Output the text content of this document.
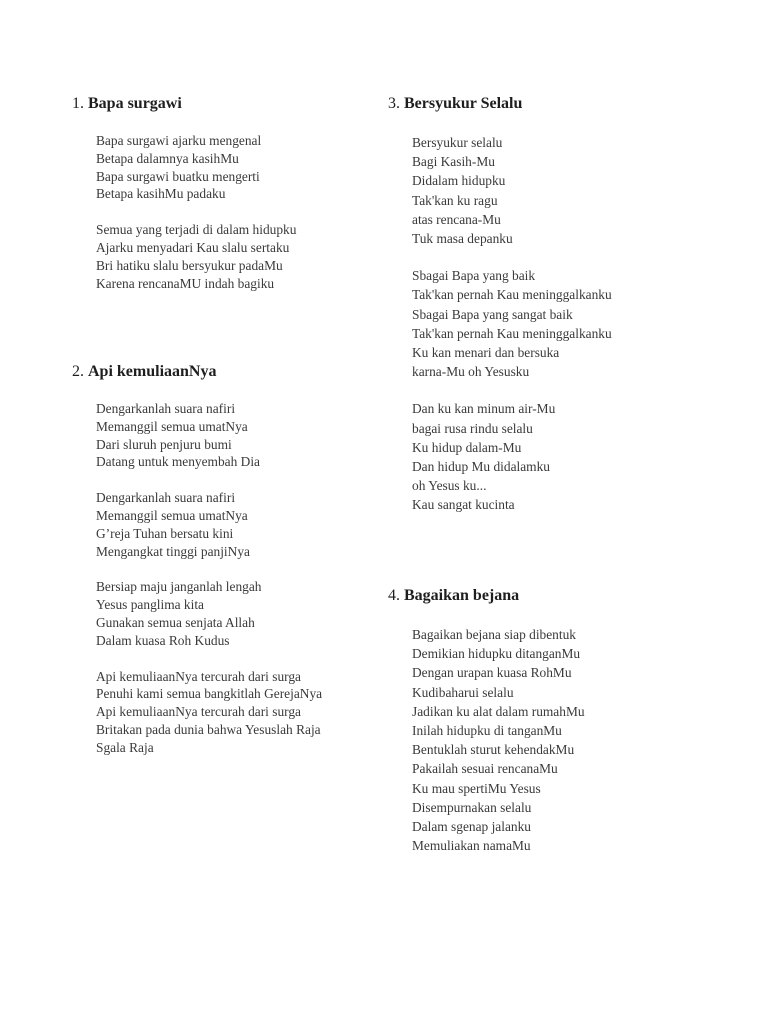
1. Bapa surgawi
Bapa surgawi ajarku mengenal
Betapa dalamnya kasihMu
Bapa surgawi buatku mengerti
Betapa kasihMu padaku
Semua yang terjadi di dalam hidupku
Ajarku menyadari Kau slalu sertaku
Bri hatiku slalu bersyukur padaMu
Karena rencanaMU indah bagiku
2. Api kemuliaanNya
Dengarkanlah suara nafiri
Memanggil semua umatNya
Dari sluruh penjuru bumi
Datang untuk menyembah Dia
Dengarkanlah suara nafiri
Memanggil semua umatNya
G’reja Tuhan bersatu kini
Mengangkat tinggi panjiNya
Bersiap maju janganlah lengah
Yesus panglima kita
Gunakan semua senjata Allah
Dalam kuasa Roh Kudus
Api kemuliaanNya tercurah dari surga
Penuhi kami semua bangkitlah GerejaNya
Api kemuliaanNya tercurah dari surga
Britakan pada dunia bahwa Yesuslah Raja
Sgala Raja
3. Bersyukur Selalu
Bersyukur selalu
Bagi Kasih-Mu
Didalam hidupku
Tak'kan ku ragu
atas rencana-Mu
Tuk masa depanku
Sbagai Bapa yang baik
Tak'kan pernah Kau meninggalkanku
Sbagai Bapa yang sangat baik
Tak'kan pernah Kau meninggalkanku
Ku kan menari dan bersuka
karna-Mu oh Yesusku
Dan ku kan minum air-Mu
bagai rusa rindu selalu
Ku hidup dalam-Mu
Dan hidup Mu didalamku
oh Yesus ku...
Kau sangat kucinta
4. Bagaikan bejana
Bagaikan bejana siap dibentuk
Demikian hidupku ditanganMu
Dengan urapan kuasa RohMu
Kudibaharui selalu
Jadikan ku alat dalam rumahMu
Inilah hidupku di tanganMu
Bentuklah sturut kehendakMu
Pakailah sesuai rencanaMu
Ku mau spertiMu Yesus
Disempurnakan selalu
Dalam sgenap jalanku
Memuliakan namaMu
